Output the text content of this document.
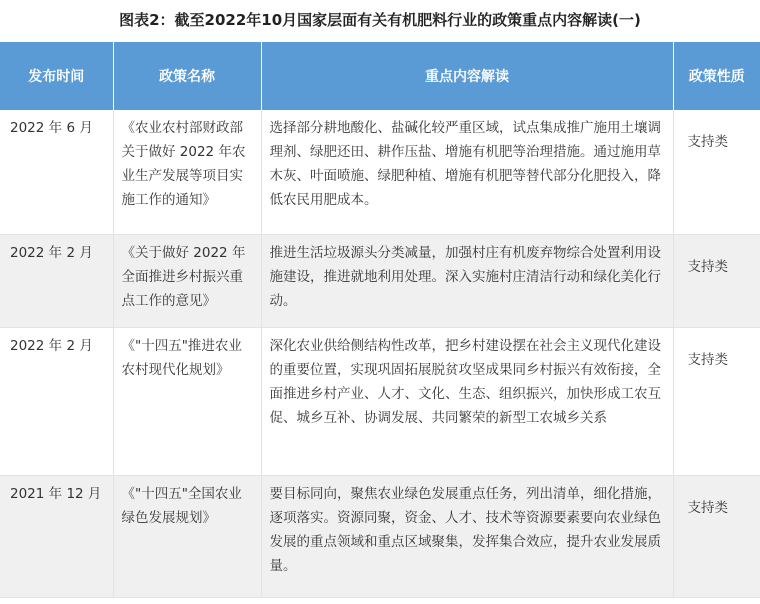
图表2：截至2022年10月国家层面有关有机肥料行业的政策重点内容解读(一)
发布时间	政策名称	重点内容解读	政策性质
2022 年 6 月	《农业农村部财政部关于做好 2022 年农业生产发展等项目实施工作的通知》	选择部分耕地酸化、盐碱化较严重区域，试点集成推广施用土壤调理剂、绿肥还田、耕作压盐、增施有机肥等治理措施。通过施用草木灰、叶面喷施、绿肥种植、增施有机肥等替代部分化肥投入，降低农民用肥成本。	支持类
2022 年 2 月	《关于做好 2022 年全面推进乡村振兴重点工作的意见》	推进生活垃圾源头分类减量，加强村庄有机废弃物综合处置利用设施建设，推进就地利用处理。深入实施村庄清洁行动和绿化美化行动。	支持类
2022 年 2 月	《"十四五"推进农业农村现代化规划》	深化农业供给侧结构性改革，把乡村建设摆在社会主义现代化建设的重要位置，实现巩固拓展脱贫攻坚成果同乡村振兴有效衔接，全面推进乡村产业、人才、文化、生态、组织振兴，加快形成工农互促、城乡互补、协调发展、共同繁荣的新型工农城乡关系	支持类
2021 年 12 月	《"十四五"全国农业绿色发展规划》	要目标同向，聚焦农业绿色发展重点任务，列出清单，细化措施，逐项落实。资源同聚，资金、人才、技术等资源要素要向农业绿色发展的重点领域和重点区域聚集，发挥集合效应，提升农业发展质量。	支持类
